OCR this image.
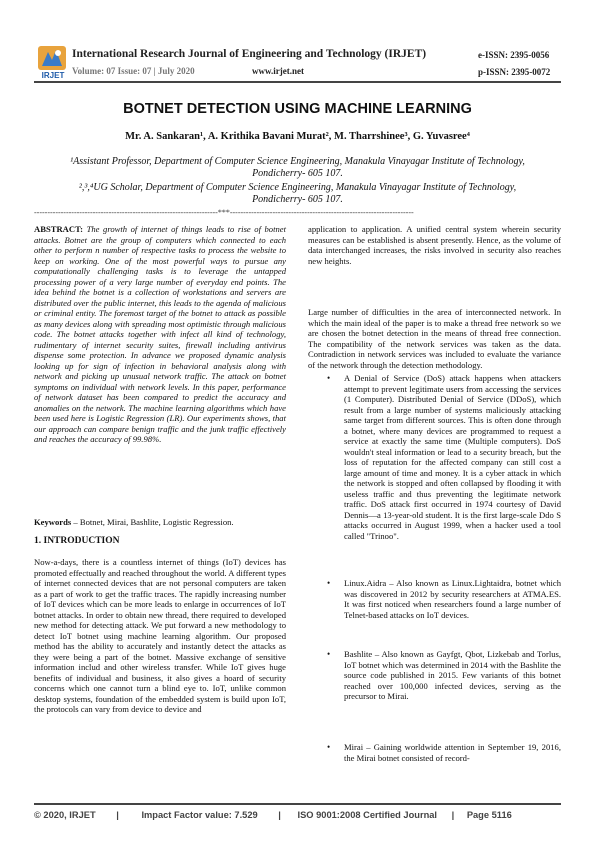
IRJET
International Research Journal of Engineering and Technology (IRJET)
Volume: 07 Issue: 07 | July 2020	www.irjet.net
e-ISSN: 2395-0056
p-ISSN: 2395-0072
BOTNET DETECTION USING MACHINE LEARNING
Mr. A. Sankaran¹, A. Krithika Bavani Murat², M. Tharrshinee³, G. Yuvasree⁴
¹Assistant Professor, Department of Computer Science Engineering, Manakula Vinayagar Institute of Technology,
Pondicherry- 605 107.
²,³,⁴UG Scholar, Department of Computer Science Engineering, Manakula Vinayagar Institute of Technology,
Pondicherry- 605 107.
---------------------------------------------------------------------***---------------------------------------------------------------------
ABSTRACT: The growth of internet of things leads to rise of botnet attacks. Botnet are the group of computers which connected to each other to perform n number of respective tasks to process the website to keep on working. One of the most powerful ways to pursue any computationally challenging tasks is to leverage the untapped processing power of a very large number of everyday end points. The idea behind the botnet is a collection of workstations and servers are distributed over the public internet, this leads to the agenda of malicious or criminal entity. The foremost target of the botnet to attack as possible as many devices along with spreading most optimistic through malicious code. The botnet attacks together with infect all kind of technology, rudimentary of internet security suites, firewall including antivirus dispense some protection. In advance we proposed dynamic analysis looking up for sign of infection in behavioral analysis along with network and picking up unusual network traffic. The attack on botnet symptoms on individual with network levels. In this paper, performance of network dataset has been compared to predict the accuracy and anomalies on the network. The machine learning algorithms which have been used here is Logistic Regression (LR). Our experiments shows, that our approach can compare benign traffic and the junk traffic effectively and reaches the accuracy of 99.98%.
Keywords – Botnet, Mirai, Bashlite, Logistic Regression.
1. INTRODUCTION
Now-a-days, there is a countless internet of things (IoT) devices has promoted effectually and reached throughout the world. A different types of internet connected devices that are not personal computers are taken as a part of work to get the traffic traces. The rapidly increasing number of IoT devices which can be more leads to enlarge in occurrences of IoT botnet attacks. In order to obtain new thread, there required to developed new method for detecting attack. We put forward a new methodology to detect IoT botnet using machine learning algorithm. Our proposed method has the ability to accurately and instantly detect the attacks as they were being a part of the botnet. Massive exchange of sensitive information includ and other wireless transfer. While IoT gives huge benefits of individual and business, it also gives a hoard of security concerns which one cannot turn a blind eye to. IoT, unlike common desktop systems, foundation of the embedded system is build upon IoT, the protocols can vary from device to device and
application to application. A unified central system wherein security measures can be established is absent presently. Hence, as the volume of data interchanged increases, the risks involved in security also reaches new heights.
Large number of difficulties in the area of interconnected network. In which the main ideal of the paper is to make a thread free network so we are chosen the botnet detection in the means of thread free connection. The compatibility of the network services was taken as the data. Contradiction in network services was included to evaluate the variance of the network through the detection methodology.
• A Denial of Service (DoS) attack happens when attackers attempt to prevent legitimate users from accessing the services (1 Computer). Distributed Denial of Service (DDoS), which result from a large number of systems maliciously attacking same target from different sources. This is often done through a botnet, where many devices are programmed to request a service at exactly the same time (Multiple computers). DoS wouldn't steal information or lead to a security breach, but the loss of reputation for the affected company can still cost a large amount of time and money. It is a cyber attack in which the network is stopped and often collapsed by flooding it with useless traffic and thus preventing the legitimate network traffic. DoS attack first occurred in 1974 courtesy of David Dennis—a 13-year-old student. It is the first large-scale Ddo S attacks occurred in August 1999, when a hacker used a tool called "Trinoo".
• Linux.Aidra – Also known as Linux.Lightaidra, botnet which was discovered in 2012 by security researchers at ATMA.ES. It was first noticed when researchers found a large number of Telnet-based attacks on IoT devices.
• Bashlite – Also known as Gayfgt, Qbot, Lizkebab and Torlus, IoT botnet which was determined in 2014 with the Bashlite the source code published in 2015. Few variants of this botnet reached over 100,000 infected devices, serving as the precursor to Mirai.
• Mirai – Gaining worldwide attention in September 19, 2016, the Mirai botnet consisted of record-
© 2020, IRJET | Impact Factor value: 7.529 | ISO 9001:2008 Certified Journal | Page 5116
